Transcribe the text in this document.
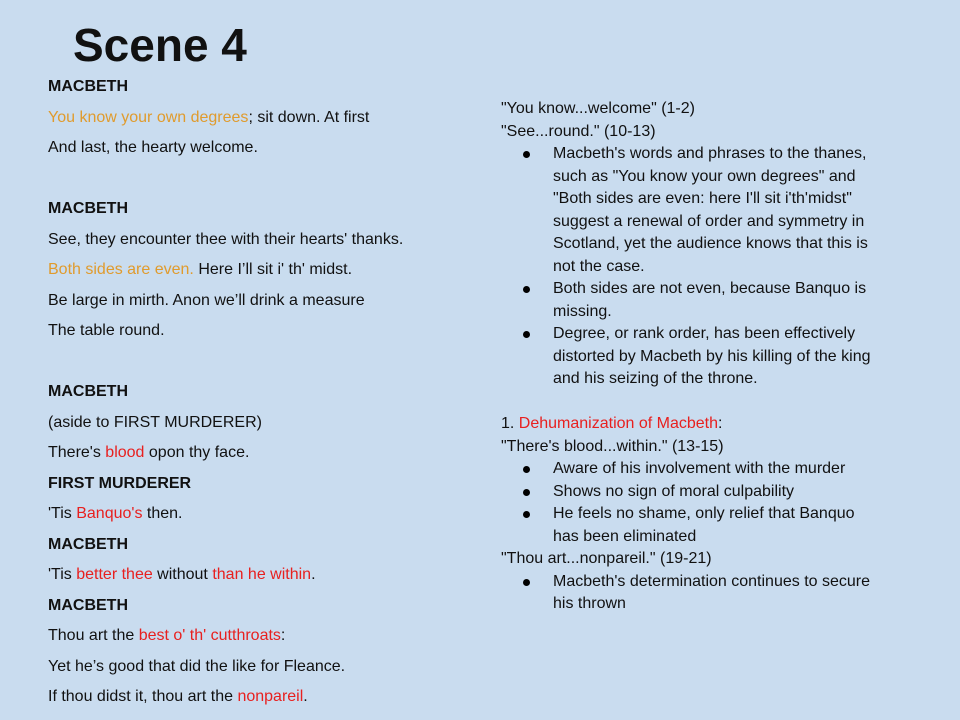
Scene 4
MACBETH
You know your own degrees; sit down. At first
And last, the hearty welcome.
MACBETH
See, they encounter thee with their hearts' thanks.
Both sides are even. Here I’ll sit i' th' midst.
Be large in mirth. Anon we’ll drink a measure
The table round.
MACBETH
(aside to FIRST MURDERER)
There's blood opon thy face.
FIRST MURDERER
'Tis Banquo's then.
MACBETH
'Tis better thee without than he within.
MACBETH
Thou art the best o' th' cutthroats:
Yet he’s good that did the like for Fleance.
If thou didst it, thou art the nonpareil.
"You know...welcome" (1-2)
"See...round." (10-13)
Macbeth's words and phrases to the thanes, such as "You know your own degrees" and "Both sides are even: here I'll sit i'th'midst" suggest a renewal of order and symmetry in Scotland, yet the audience knows that this is not the case.
Both sides are not even, because Banquo is missing.
Degree, or rank order, has been effectively distorted by Macbeth by his killing of the king and his seizing of the throne.
1. Dehumanization of Macbeth:
"There's blood...within." (13-15)
Aware of his involvement with the murder
Shows no sign of moral culpability
He feels no shame, only relief that Banquo has been eliminated
"Thou art...nonpareil." (19-21)
Macbeth's determination continues to secure his thrown
